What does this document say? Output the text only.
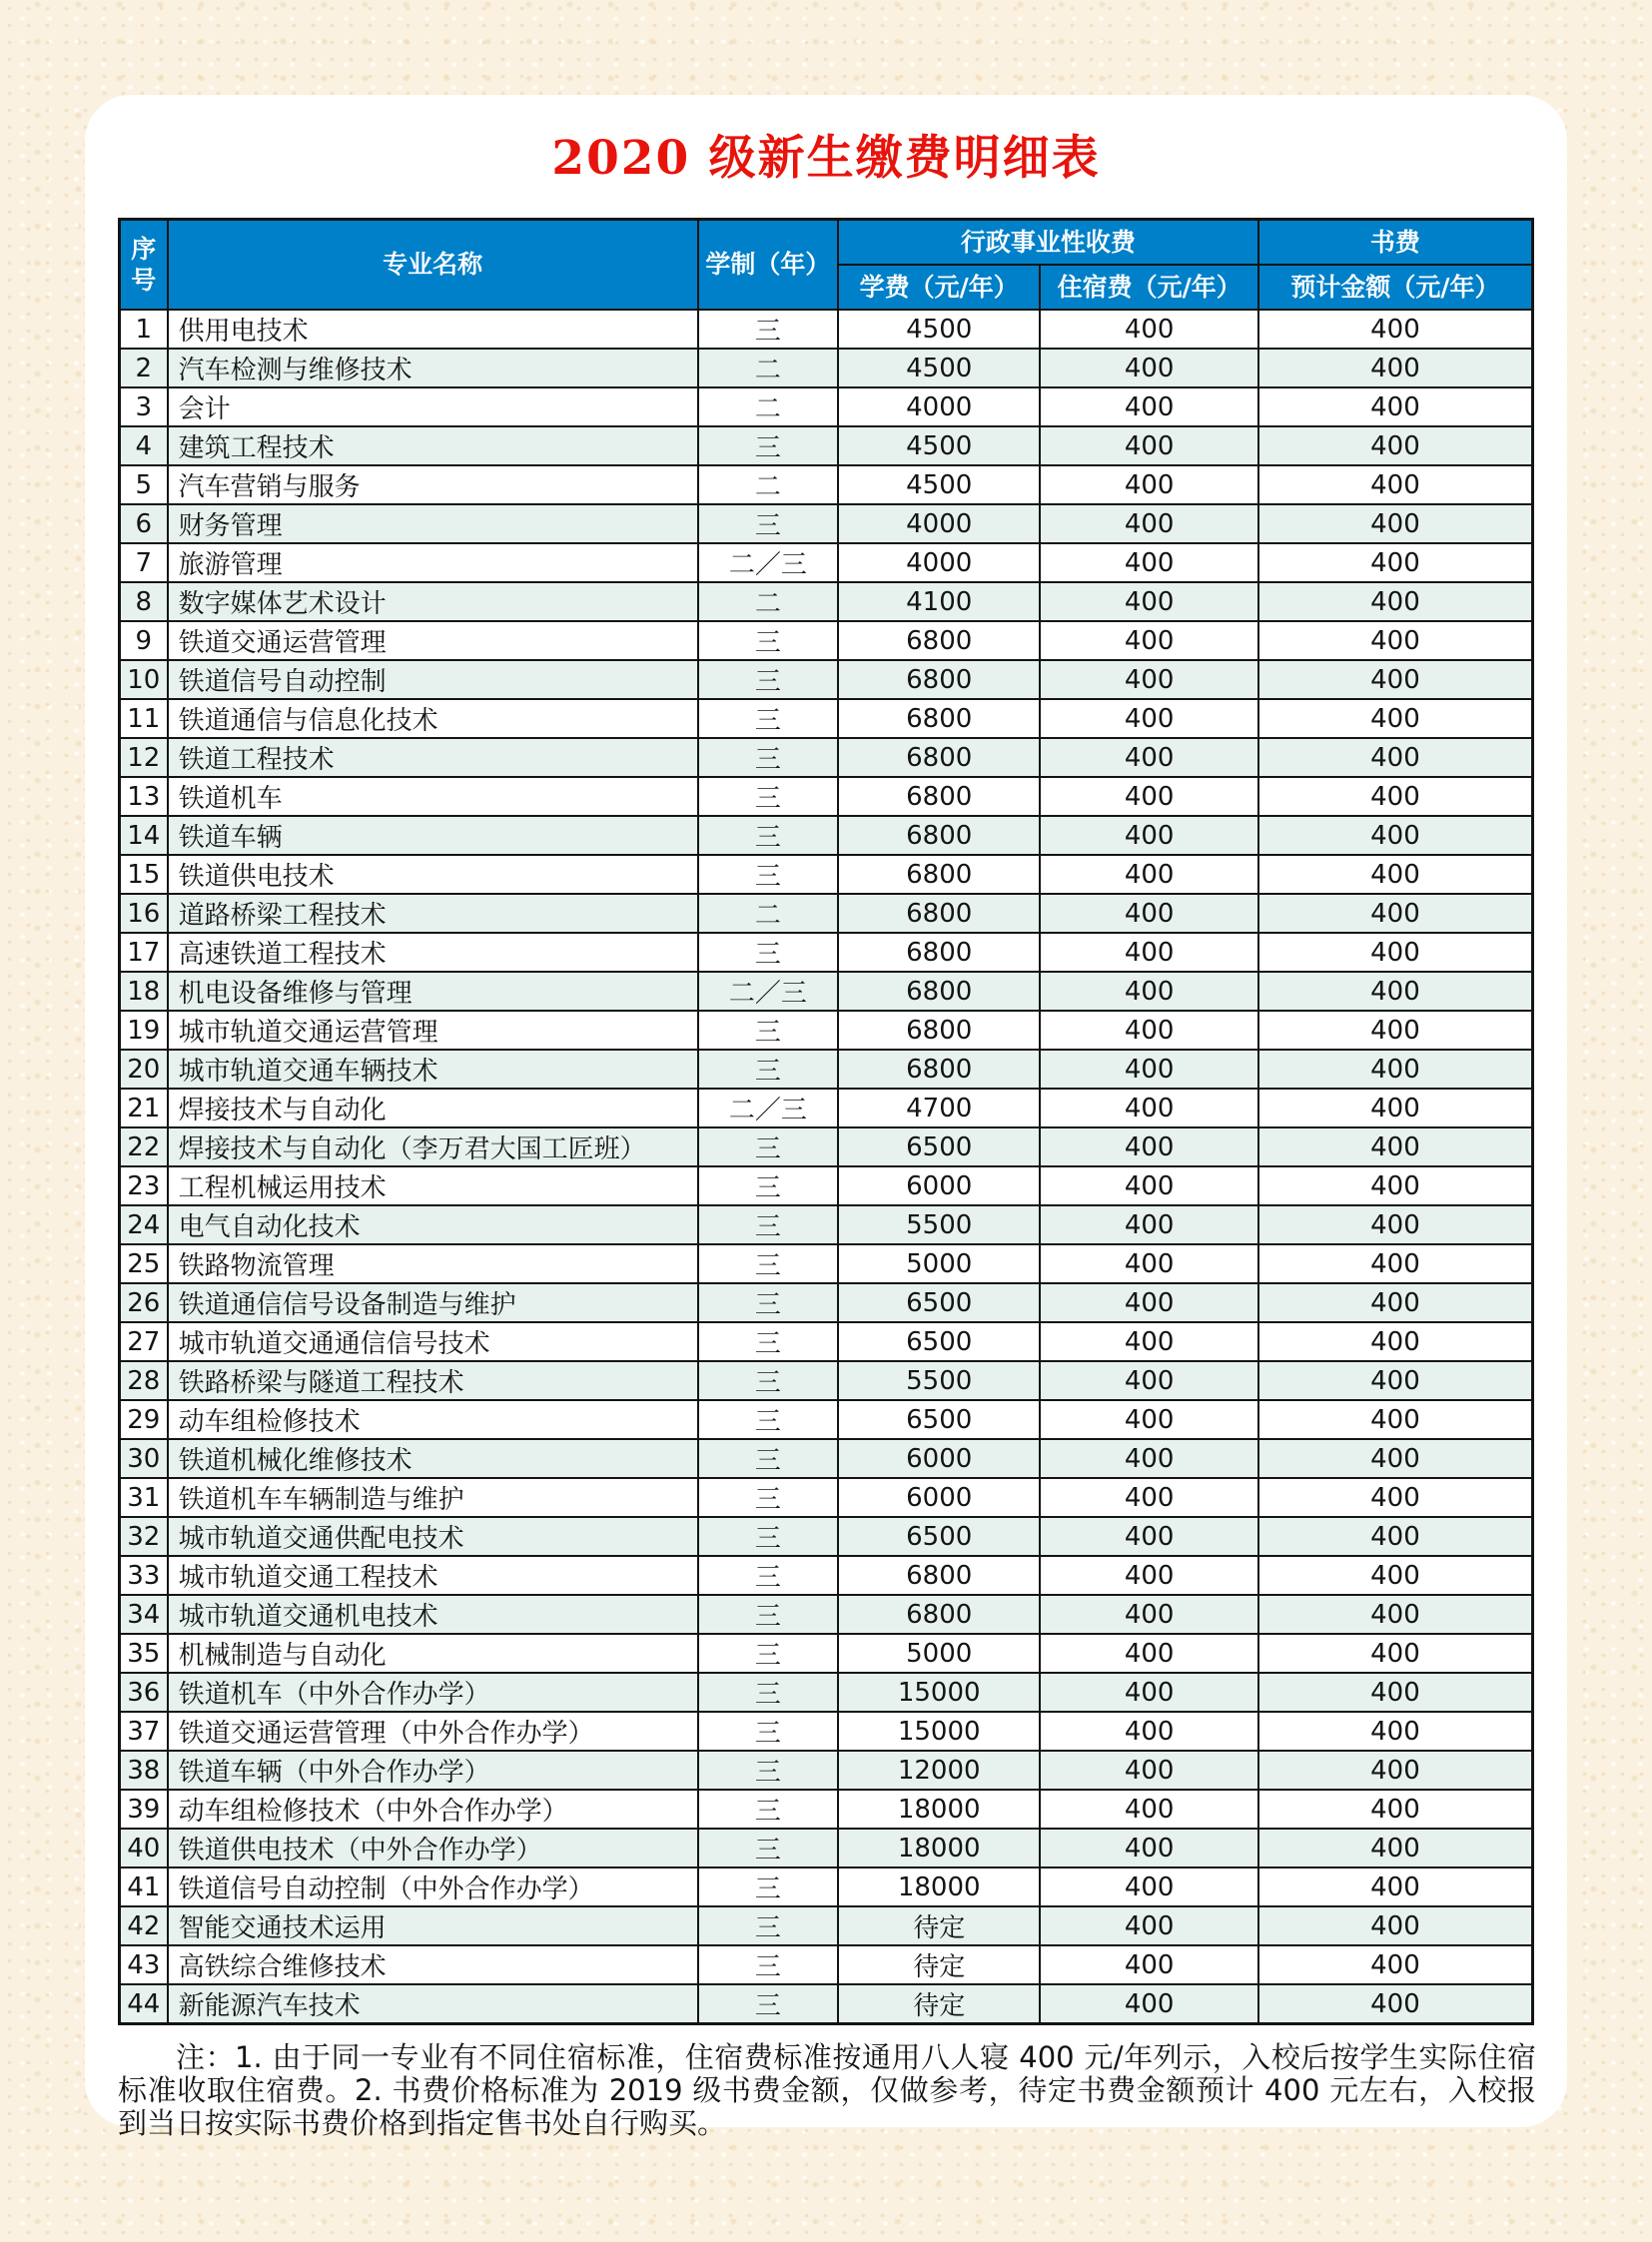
2020 级新生缴费明细表
序号	专业名称	学制（年）	行政事业性收费		书费
			学费（元/年）	住宿费（元/年）	预计金额（元/年）
1	供用电技术	三	4500	400	400
2	汽车检测与维修技术	二	4500	400	400
3	会计	二	4000	400	400
4	建筑工程技术	三	4500	400	400
5	汽车营销与服务	二	4500	400	400
6	财务管理	三	4000	400	400
7	旅游管理	二／三	4000	400	400
8	数字媒体艺术设计	二	4100	400	400
9	铁道交通运营管理	三	6800	400	400
10	铁道信号自动控制	三	6800	400	400
11	铁道通信与信息化技术	三	6800	400	400
12	铁道工程技术	三	6800	400	400
13	铁道机车	三	6800	400	400
14	铁道车辆	三	6800	400	400
15	铁道供电技术	三	6800	400	400
16	道路桥梁工程技术	二	6800	400	400
17	高速铁道工程技术	三	6800	400	400
18	机电设备维修与管理	二／三	6800	400	400
19	城市轨道交通运营管理	三	6800	400	400
20	城市轨道交通车辆技术	三	6800	400	400
21	焊接技术与自动化	二／三	4700	400	400
22	焊接技术与自动化（李万君大国工匠班）	三	6500	400	400
23	工程机械运用技术	三	6000	400	400
24	电气自动化技术	三	5500	400	400
25	铁路物流管理	三	5000	400	400
26	铁道通信信号设备制造与维护	三	6500	400	400
27	城市轨道交通通信信号技术	三	6500	400	400
28	铁路桥梁与隧道工程技术	三	5500	400	400
29	动车组检修技术	三	6500	400	400
30	铁道机械化维修技术	三	6000	400	400
31	铁道机车车辆制造与维护	三	6000	400	400
32	城市轨道交通供配电技术	三	6500	400	400
33	城市轨道交通工程技术	三	6800	400	400
34	城市轨道交通机电技术	三	6800	400	400
35	机械制造与自动化	三	5000	400	400
36	铁道机车（中外合作办学）	三	15000	400	400
37	铁道交通运营管理（中外合作办学）	三	15000	400	400
38	铁道车辆（中外合作办学）	三	12000	400	400
39	动车组检修技术（中外合作办学）	三	18000	400	400
40	铁道供电技术（中外合作办学）	三	18000	400	400
41	铁道信号自动控制（中外合作办学）	三	18000	400	400
42	智能交通技术运用	三	待定	400	400
43	高铁综合维修技术	三	待定	400	400
44	新能源汽车技术	三	待定	400	400
注：1. 由于同一专业有不同住宿标准，住宿费标准按通用八人寝 400 元/年列示，入校后按学生实际住宿标准收取住宿费。2. 书费价格标准为 2019 级书费金额，仅做参考，待定书费金额预计 400 元左右，入校报到当日按实际书费价格到指定售书处自行购买。
